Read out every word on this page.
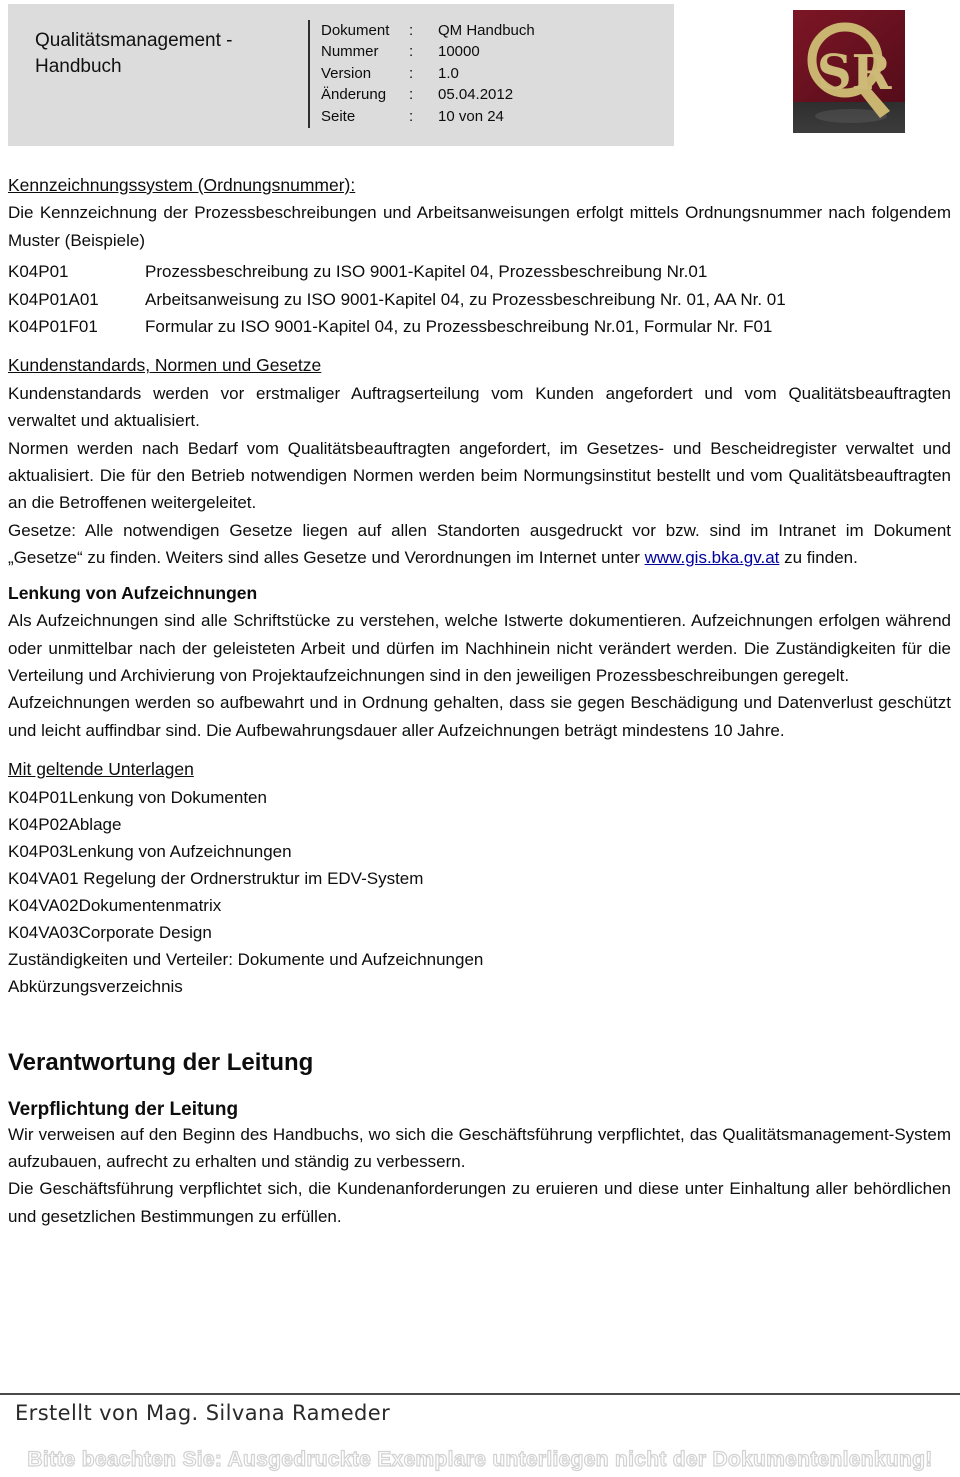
Qualitätsmanagement - Handbuch
Dokument	:	QM Handbuch
Nummer	:	10000
Version	:	1.0
Änderung	:	05.04.2012
Seite	:	10 von 24
SR
Kennzeichnungssystem (Ordnungsnummer):

Die Kennzeichnung der Prozessbeschreibungen und Arbeitsanweisungen erfolgt mittels Ordnungsnummer nach folgendem Muster (Beispiele)

K04P01	Prozessbeschreibung zu ISO 9001-Kapitel 04, Prozessbeschreibung Nr.01
K04P01A01	Arbeitsanweisung zu ISO 9001-Kapitel 04, zu Prozessbeschreibung Nr. 01, AA Nr. 01
K04P01F01	Formular zu ISO 9001-Kapitel 04, zu Prozessbeschreibung Nr.01, Formular Nr. F01
Kundenstandards, Normen und Gesetze

Kundenstandards werden vor erstmaliger Auftragserteilung vom Kunden angefordert und vom Qualitätsbeauftragten verwaltet und aktualisiert.

Normen werden nach Bedarf vom Qualitätsbeauftragten angefordert, im Gesetzes- und Bescheidregister verwaltet und aktualisiert. Die für den Betrieb notwendigen Normen werden beim Normungsinstitut bestellt und vom Qualitätsbeauftragten an die Betroffenen weitergeleitet.

Gesetze: Alle notwendigen Gesetze liegen auf allen Standorten ausgedruckt vor bzw. sind im Intranet im Dokument „Gesetze“ zu finden. Weiters sind alles Gesetze und Verordnungen im Internet unter www.gis.bka.gv.at zu finden.

Lenkung von Aufzeichnungen

Als Aufzeichnungen sind alle Schriftstücke zu verstehen, welche Istwerte dokumentieren. Aufzeichnungen erfolgen während oder unmittelbar nach der geleisteten Arbeit und dürfen im Nachhinein nicht verändert werden. Die Zuständigkeiten für die Verteilung und Archivierung von Projektaufzeichnungen sind in den jeweiligen Prozessbeschreibungen geregelt.

Aufzeichnungen werden so aufbewahrt und in Ordnung gehalten, dass sie gegen Beschädigung und Datenverlust geschützt und leicht auffindbar sind. Die Aufbewahrungsdauer aller Aufzeichnungen beträgt mindestens 10 Jahre.

Mit geltende Unterlagen
K04P01Lenkung von Dokumenten
K04P02Ablage
K04P03Lenkung von Aufzeichnungen
K04VA01 Regelung der Ordnerstruktur im EDV-System
K04VA02Dokumentenmatrix
K04VA03Corporate Design
Zuständigkeiten und Verteiler: Dokumente und Aufzeichnungen
Abkürzungsverzeichnis
Verantwortung der Leitung
Verpflichtung der Leitung

Wir verweisen auf den Beginn des Handbuchs, wo sich die Geschäftsführung verpflichtet, das Qualitätsmanagement-System aufzubauen, aufrecht zu erhalten und ständig zu verbessern.

Die Geschäftsführung verpflichtet sich, die Kundenanforderungen zu eruieren und diese unter Einhaltung aller behördlichen und gesetzlichen Bestimmungen zu erfüllen.

Erstellt von Mag. Silvana Rameder
Bitte beachten Sie: Ausgedruckte Exemplare unterliegen nicht der Dokumentenlenkung!
